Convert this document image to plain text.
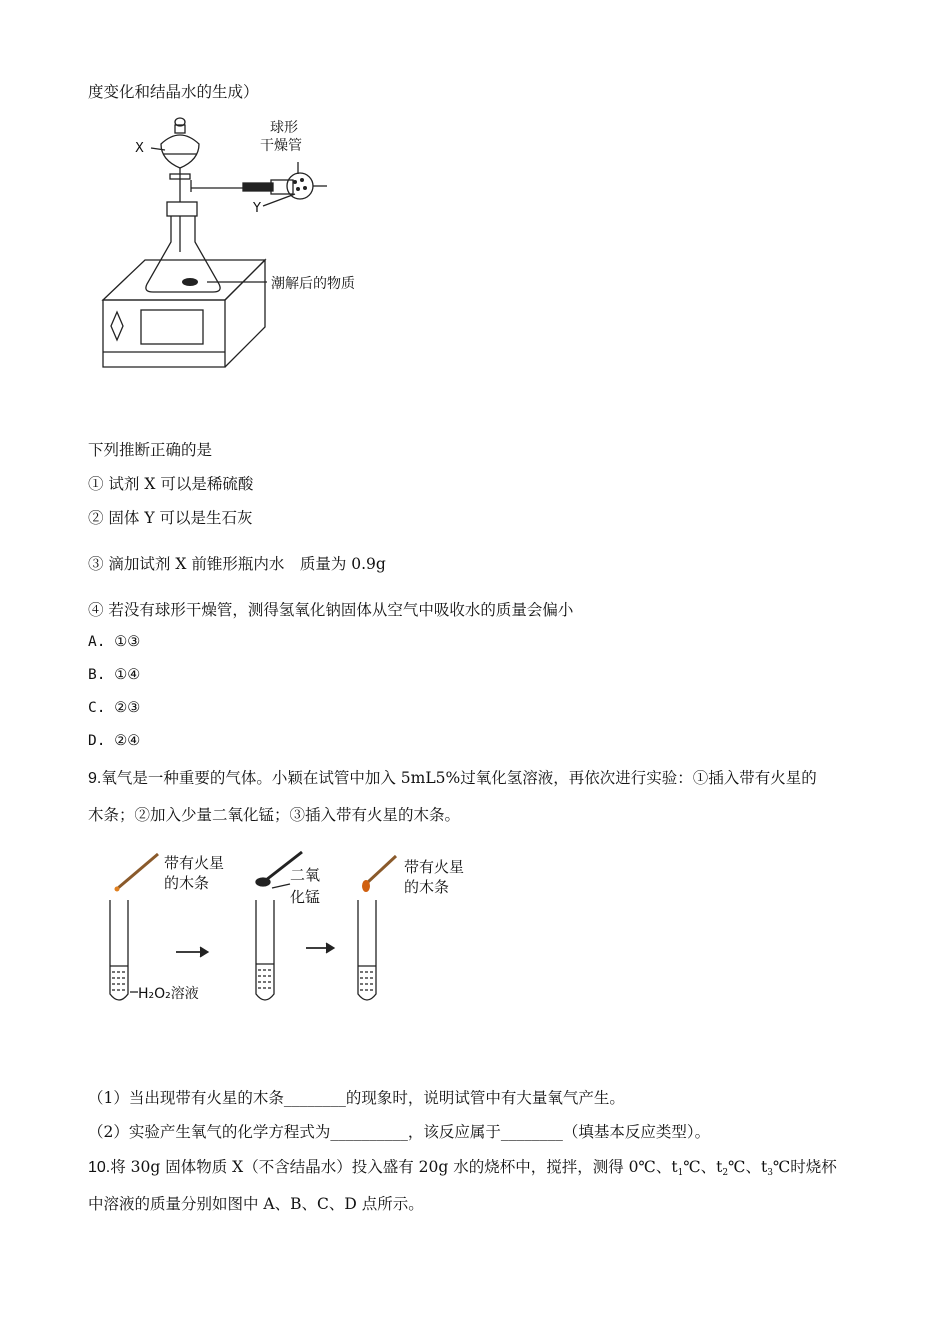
度变化和结晶水的生成）
X
Y
球形
干燥管
潮解后的物质
下列推断正确的是
① 试剂 X 可以是稀硫酸
② 固体 Y 可以是生石灰
③ 滴加试剂 X 前锥形瓶内水　质量为 0.9g
④ 若没有球形干燥管，测得氢氧化钠固体从空气中吸收水的质量会偏小
A. ①③
B. ①④
C. ②③
D. ②④
9.氧气是一种重要的气体。小颖在试管中加入 5mL5%过氧化氢溶液，再依次进行实验：①插入带有火星的
木条；②加入少量二氧化锰；③插入带有火星的木条。
带有火星
的木条	二氧
化锰
带有火星
的木条
H₂O₂溶液
（1）当出现带有火星的木条________的现象时，说明试管中有大量氧气产生。
（2）实验产生氧气的化学方程式为__________，该反应属于________（填基本反应类型）。
10.将 30g 固体物质 X（不含结晶水）投入盛有 20g 水的烧杯中，搅拌，测得 0℃、$t_1℃$、$t_2℃$、$t_3℃$时烧杯
中溶液的质量分别如图中 A、B、C、D 点所示。
